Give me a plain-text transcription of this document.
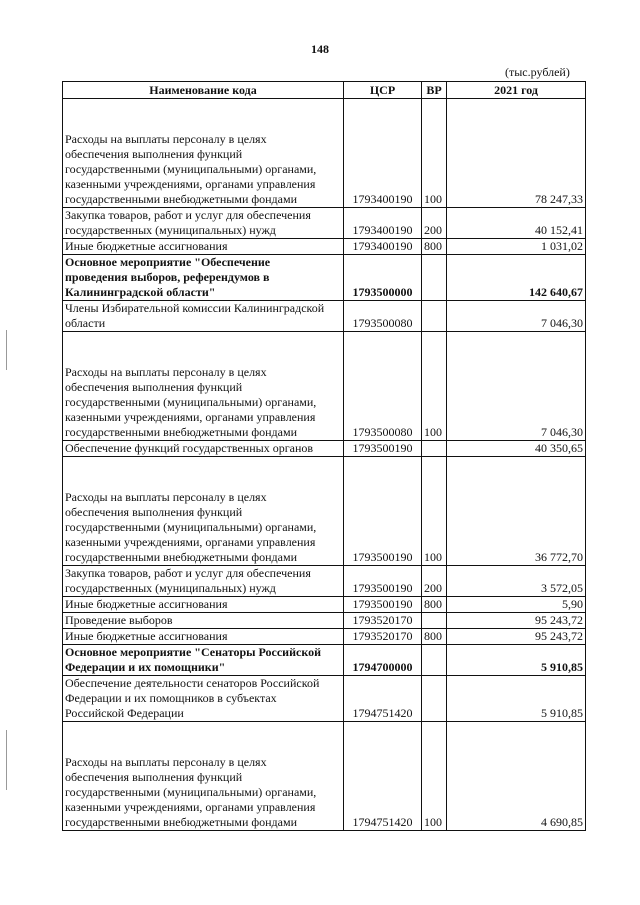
148
(тыс.рублей)
Наименование кода	ЦСР	ВР	2021 год

Расходы на выплаты персоналу в целях
обеспечения выполнения функций
государственными (муниципальными) органами,
казенными учреждениями, органами управления
государственными внебюджетными фондами	1793400190	100	78 247,33

Закупка товаров, работ и услуг для обеспечения
государственных (муниципальных) нужд	1793400190	200	40 152,41

Иные бюджетные ассигнования	1793400190	800	1 031,02

Основное мероприятие "Обеспечение
проведения выборов, референдумов в
Калининградской области"	1793500000		142 640,67

Члены Избирательной комиссии Калининградской
области	1793500080		7 046,30

Расходы на выплаты персоналу в целях
обеспечения выполнения функций
государственными (муниципальными) органами,
казенными учреждениями, органами управления
государственными внебюджетными фондами	1793500080	100	7 046,30

Обеспечение функций государственных органов	1793500190		40 350,65

Расходы на выплаты персоналу в целях
обеспечения выполнения функций
государственными (муниципальными) органами,
казенными учреждениями, органами управления
государственными внебюджетными фондами	1793500190	100	36 772,70

Закупка товаров, работ и услуг для обеспечения
государственных (муниципальных) нужд	1793500190	200	3 572,05

Иные бюджетные ассигнования	1793500190	800	5,90

Проведение выборов	1793520170		95 243,72

Иные бюджетные ассигнования	1793520170	800	95 243,72

Основное мероприятие "Сенаторы Российской
Федерации и их помощники"	1794700000		5 910,85

Обеспечение деятельности сенаторов Российской
Федерации и их помощников в субъектах
Российской Федерации	1794751420		5 910,85

Расходы на выплаты персоналу в целях
обеспечения выполнения функций
государственными (муниципальными) органами,
казенными учреждениями, органами управления
государственными внебюджетными фондами	1794751420	100	4 690,85
